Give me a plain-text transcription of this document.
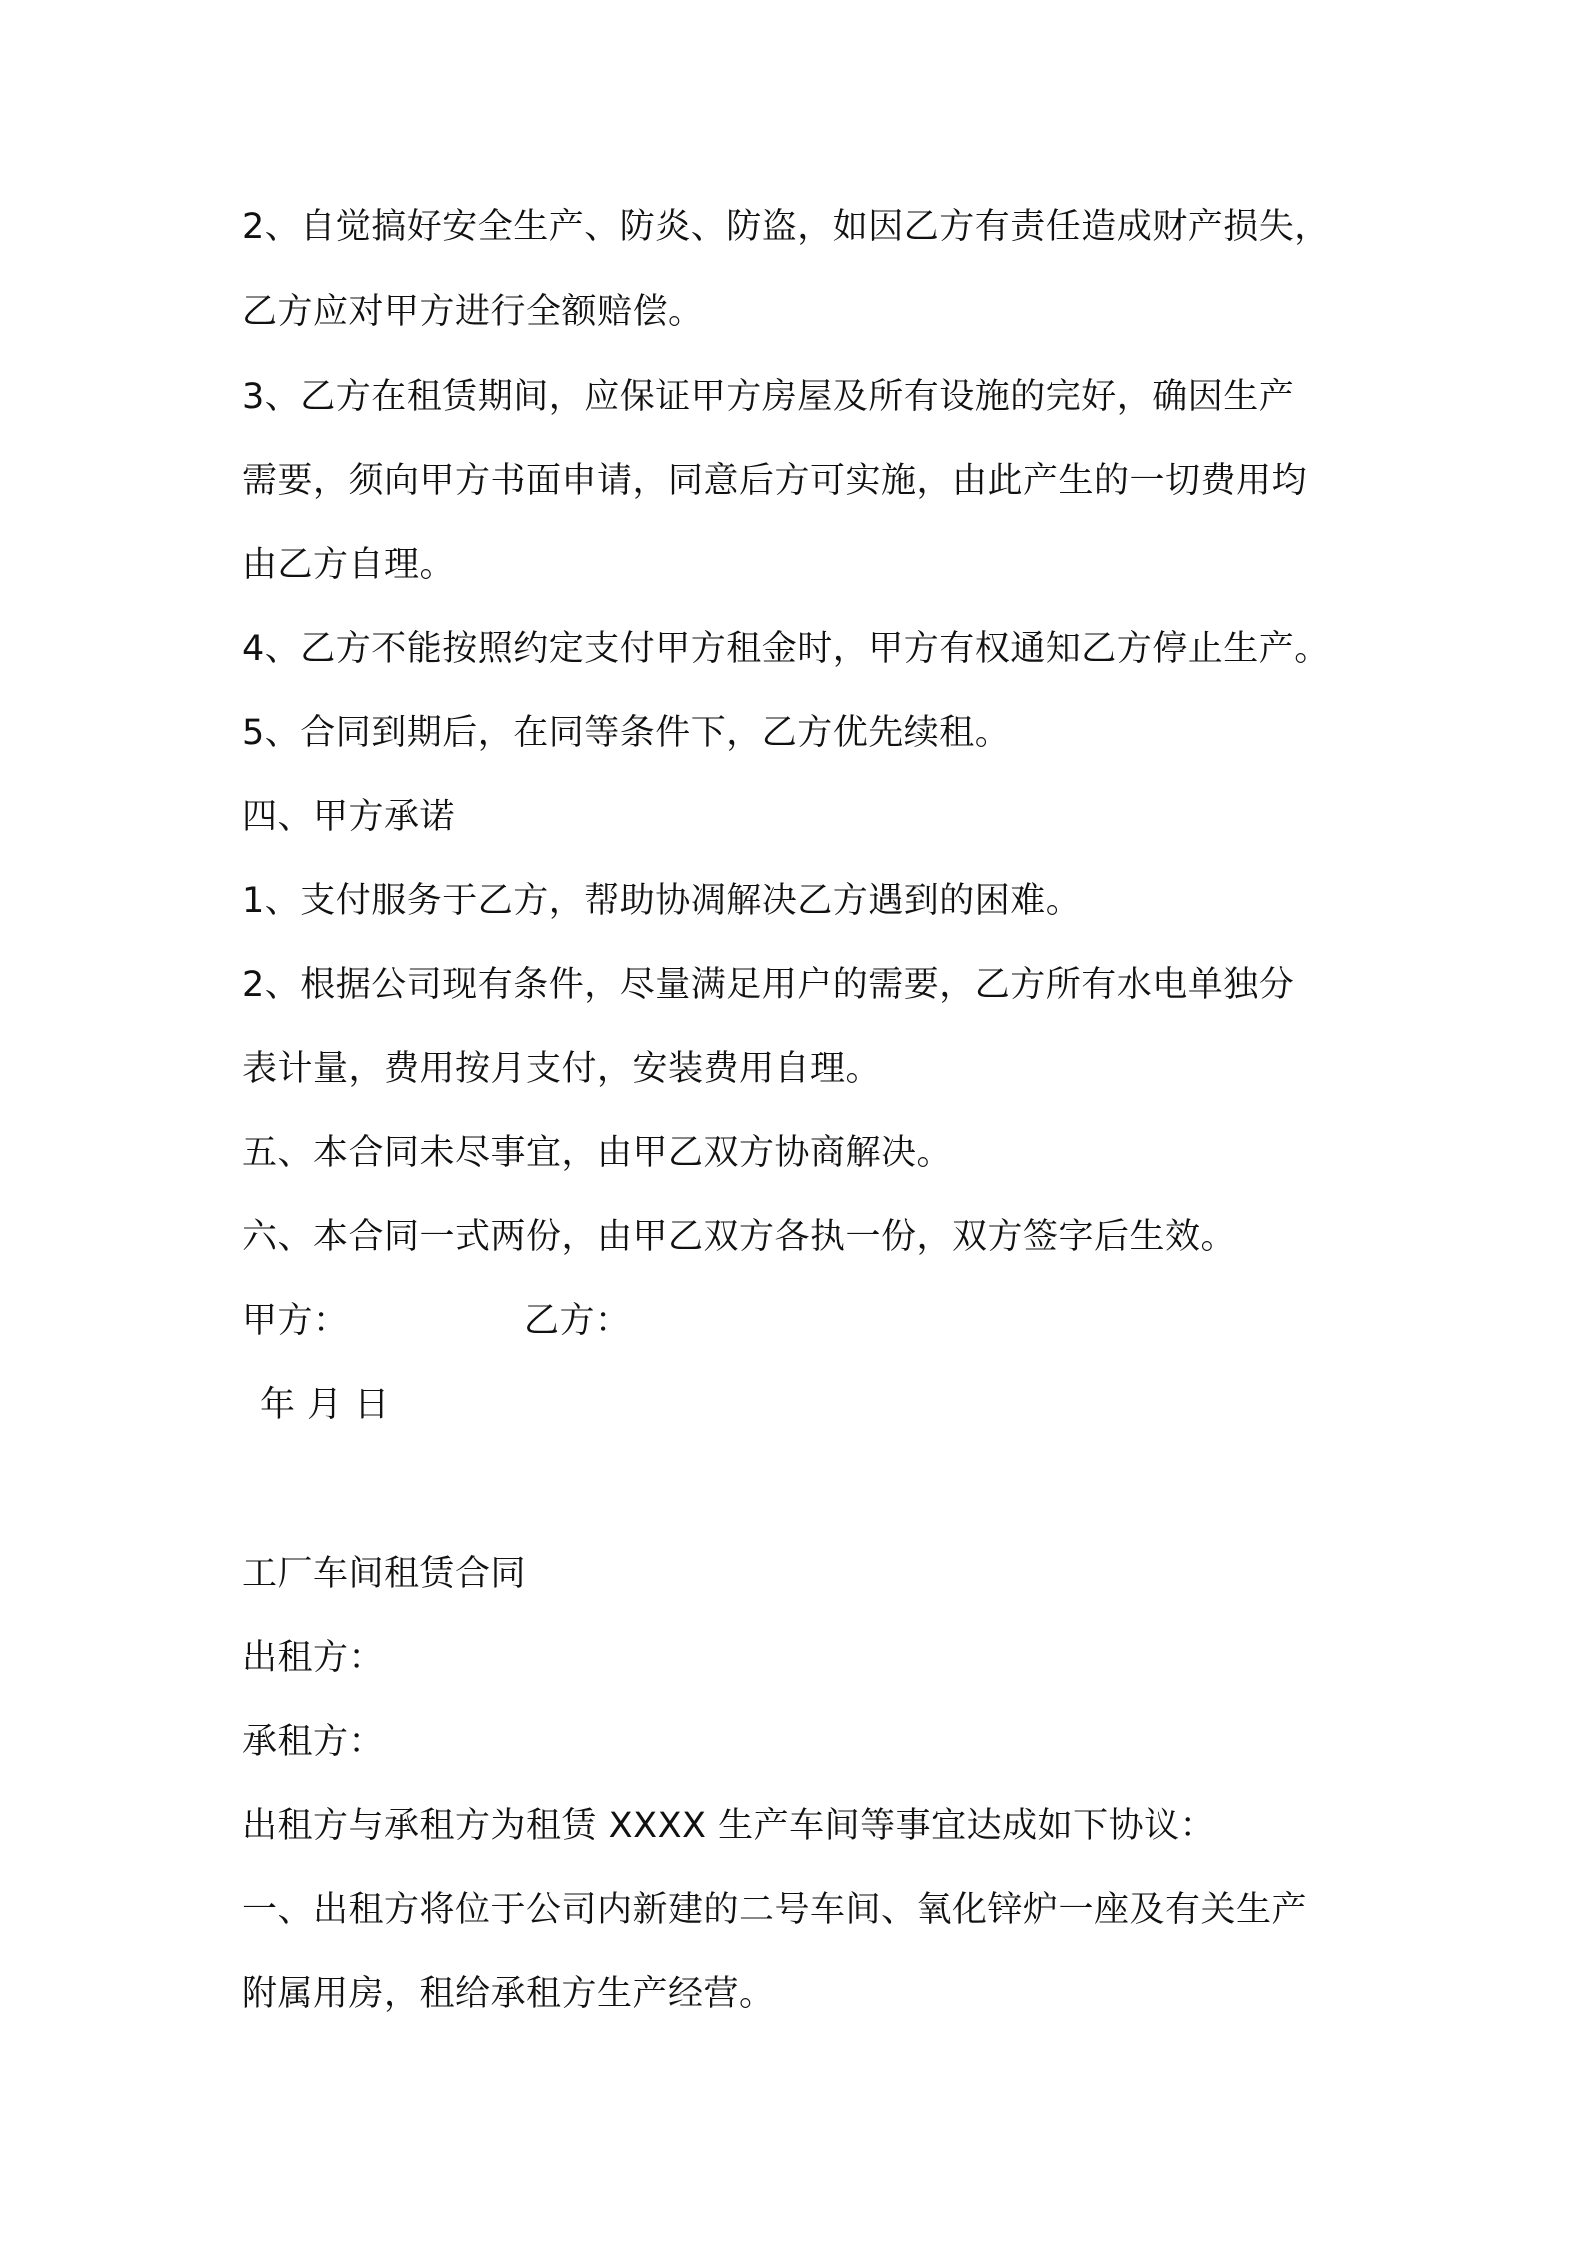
2、自觉搞好安全生产、防炎、防盗，如因乙方有责任造成财产损失，
乙方应对甲方进行全额赔偿。
3、乙方在租赁期间，应保证甲方房屋及所有设施的完好，确因生产
需要，须向甲方书面申请，同意后方可实施，由此产生的一切费用均
由乙方自理。
4、乙方不能按照约定支付甲方租金时，甲方有权通知乙方停止生产。
5、合同到期后，在同等条件下，乙方优先续租。
四、甲方承诺
1、支付服务于乙方，帮助协凋解决乙方遇到的困难。
2、根据公司现有条件，尽量满足用户的需要，乙方所有水电单独分
表计量，费用按月支付，安装费用自理。
五、本合同未尽事宜，由甲乙双方协商解决。
六、本合同一式两份，由甲乙双方各执一份，双方签字后生效。
甲方：	乙方：
年 月 日
工厂车间租赁合同
出租方：
承租方：
出租方与承租方为租赁 XXXX 生产车间等事宜达成如下协议：
一、出租方将位于公司内新建的二号车间、氧化锌炉一座及有关生产
附属用房，租给承租方生产经营。
